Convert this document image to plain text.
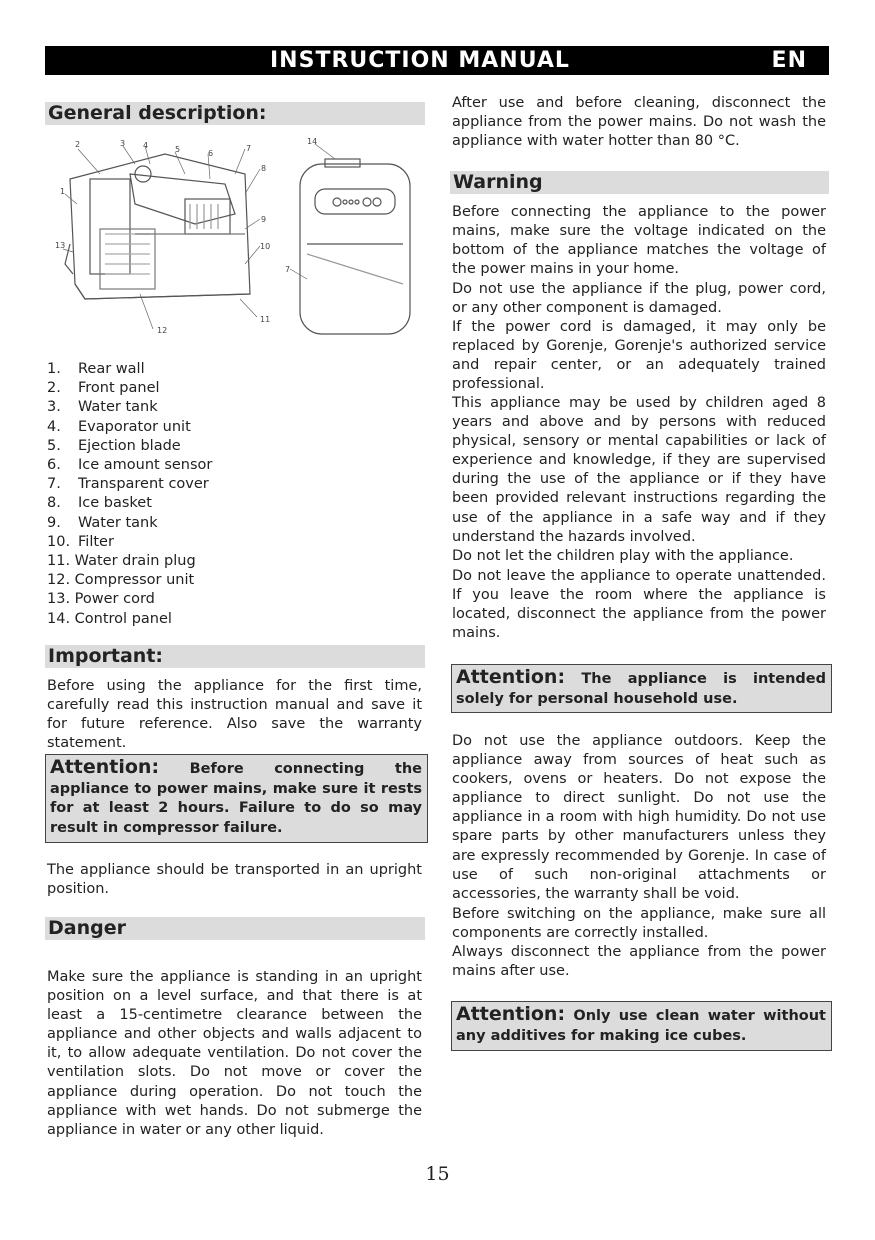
INSTRUCTION MANUAL	EN
General description:
1
2	3 4	5	6
7
8
9
10
11
12
13
14
7
1. Rear wall
2. Front panel
3. Water tank
4. Evaporator unit
5. Ejection blade
6. Ice amount sensor
7. Transparent cover
8. Ice basket
9. Water tank
10. Filter
11. Water drain plug
12. Compressor unit
13. Power cord
14. Control panel
Important:

Before using the appliance for the first time, carefully read this instruction manual and save it for future reference. Also save the warranty statement.

Attention: Before connecting the appliance to power mains, make sure it rests for at least 2 hours. Failure to do so may result in compressor failure.

The appliance should be transported in an upright position.

Danger

Make sure the appliance is standing in an upright position on a level surface, and that there is at least a 15-centimetre clearance between the appliance and other objects and walls adjacent to it, to allow adequate ventilation. Do not cover the ventilation slots. Do not move or cover the appliance during operation. Do not touch the appliance with wet hands. Do not submerge the appliance in water or any other liquid.

After use and before cleaning, disconnect the appliance from the power mains. Do not wash the appliance with water hotter than 80 °C.

Warning

Before connecting the appliance to the power mains, make sure the voltage indicated on the bottom of the appliance matches the voltage of the power mains in your home.

Do not use the appliance if the plug, power cord, or any other component is damaged.

If the power cord is damaged, it may only be replaced by Gorenje, Gorenje's authorized service and repair center, or an adequately trained professional.

This appliance may be used by children aged 8 years and above and by persons with reduced physical, sensory or mental capabilities or lack of experience and knowledge, if they are supervised during the use of the appliance or if they have been provided relevant instructions regarding the use of the appliance in a safe way and if they understand the hazards involved.

Do not let the children play with the appliance.

Do not leave the appliance to operate unattended. If you leave the room where the appliance is located, disconnect the appliance from the power mains.

Attention: The appliance is intended solely for personal household use.

Do not use the appliance outdoors. Keep the appliance away from sources of heat such as cookers, ovens or heaters. Do not expose the appliance to direct sunlight. Do not use the appliance in a room with high humidity. Do not use spare parts by other manufacturers unless they are expressly recommended by Gorenje. In case of use of such non-original attachments or accessories, the warranty shall be void.

Before switching on the appliance, make sure all components are correctly installed.

Always disconnect the appliance from the power mains after use.

Attention: Only use clean water without any additives for making ice cubes.
15
